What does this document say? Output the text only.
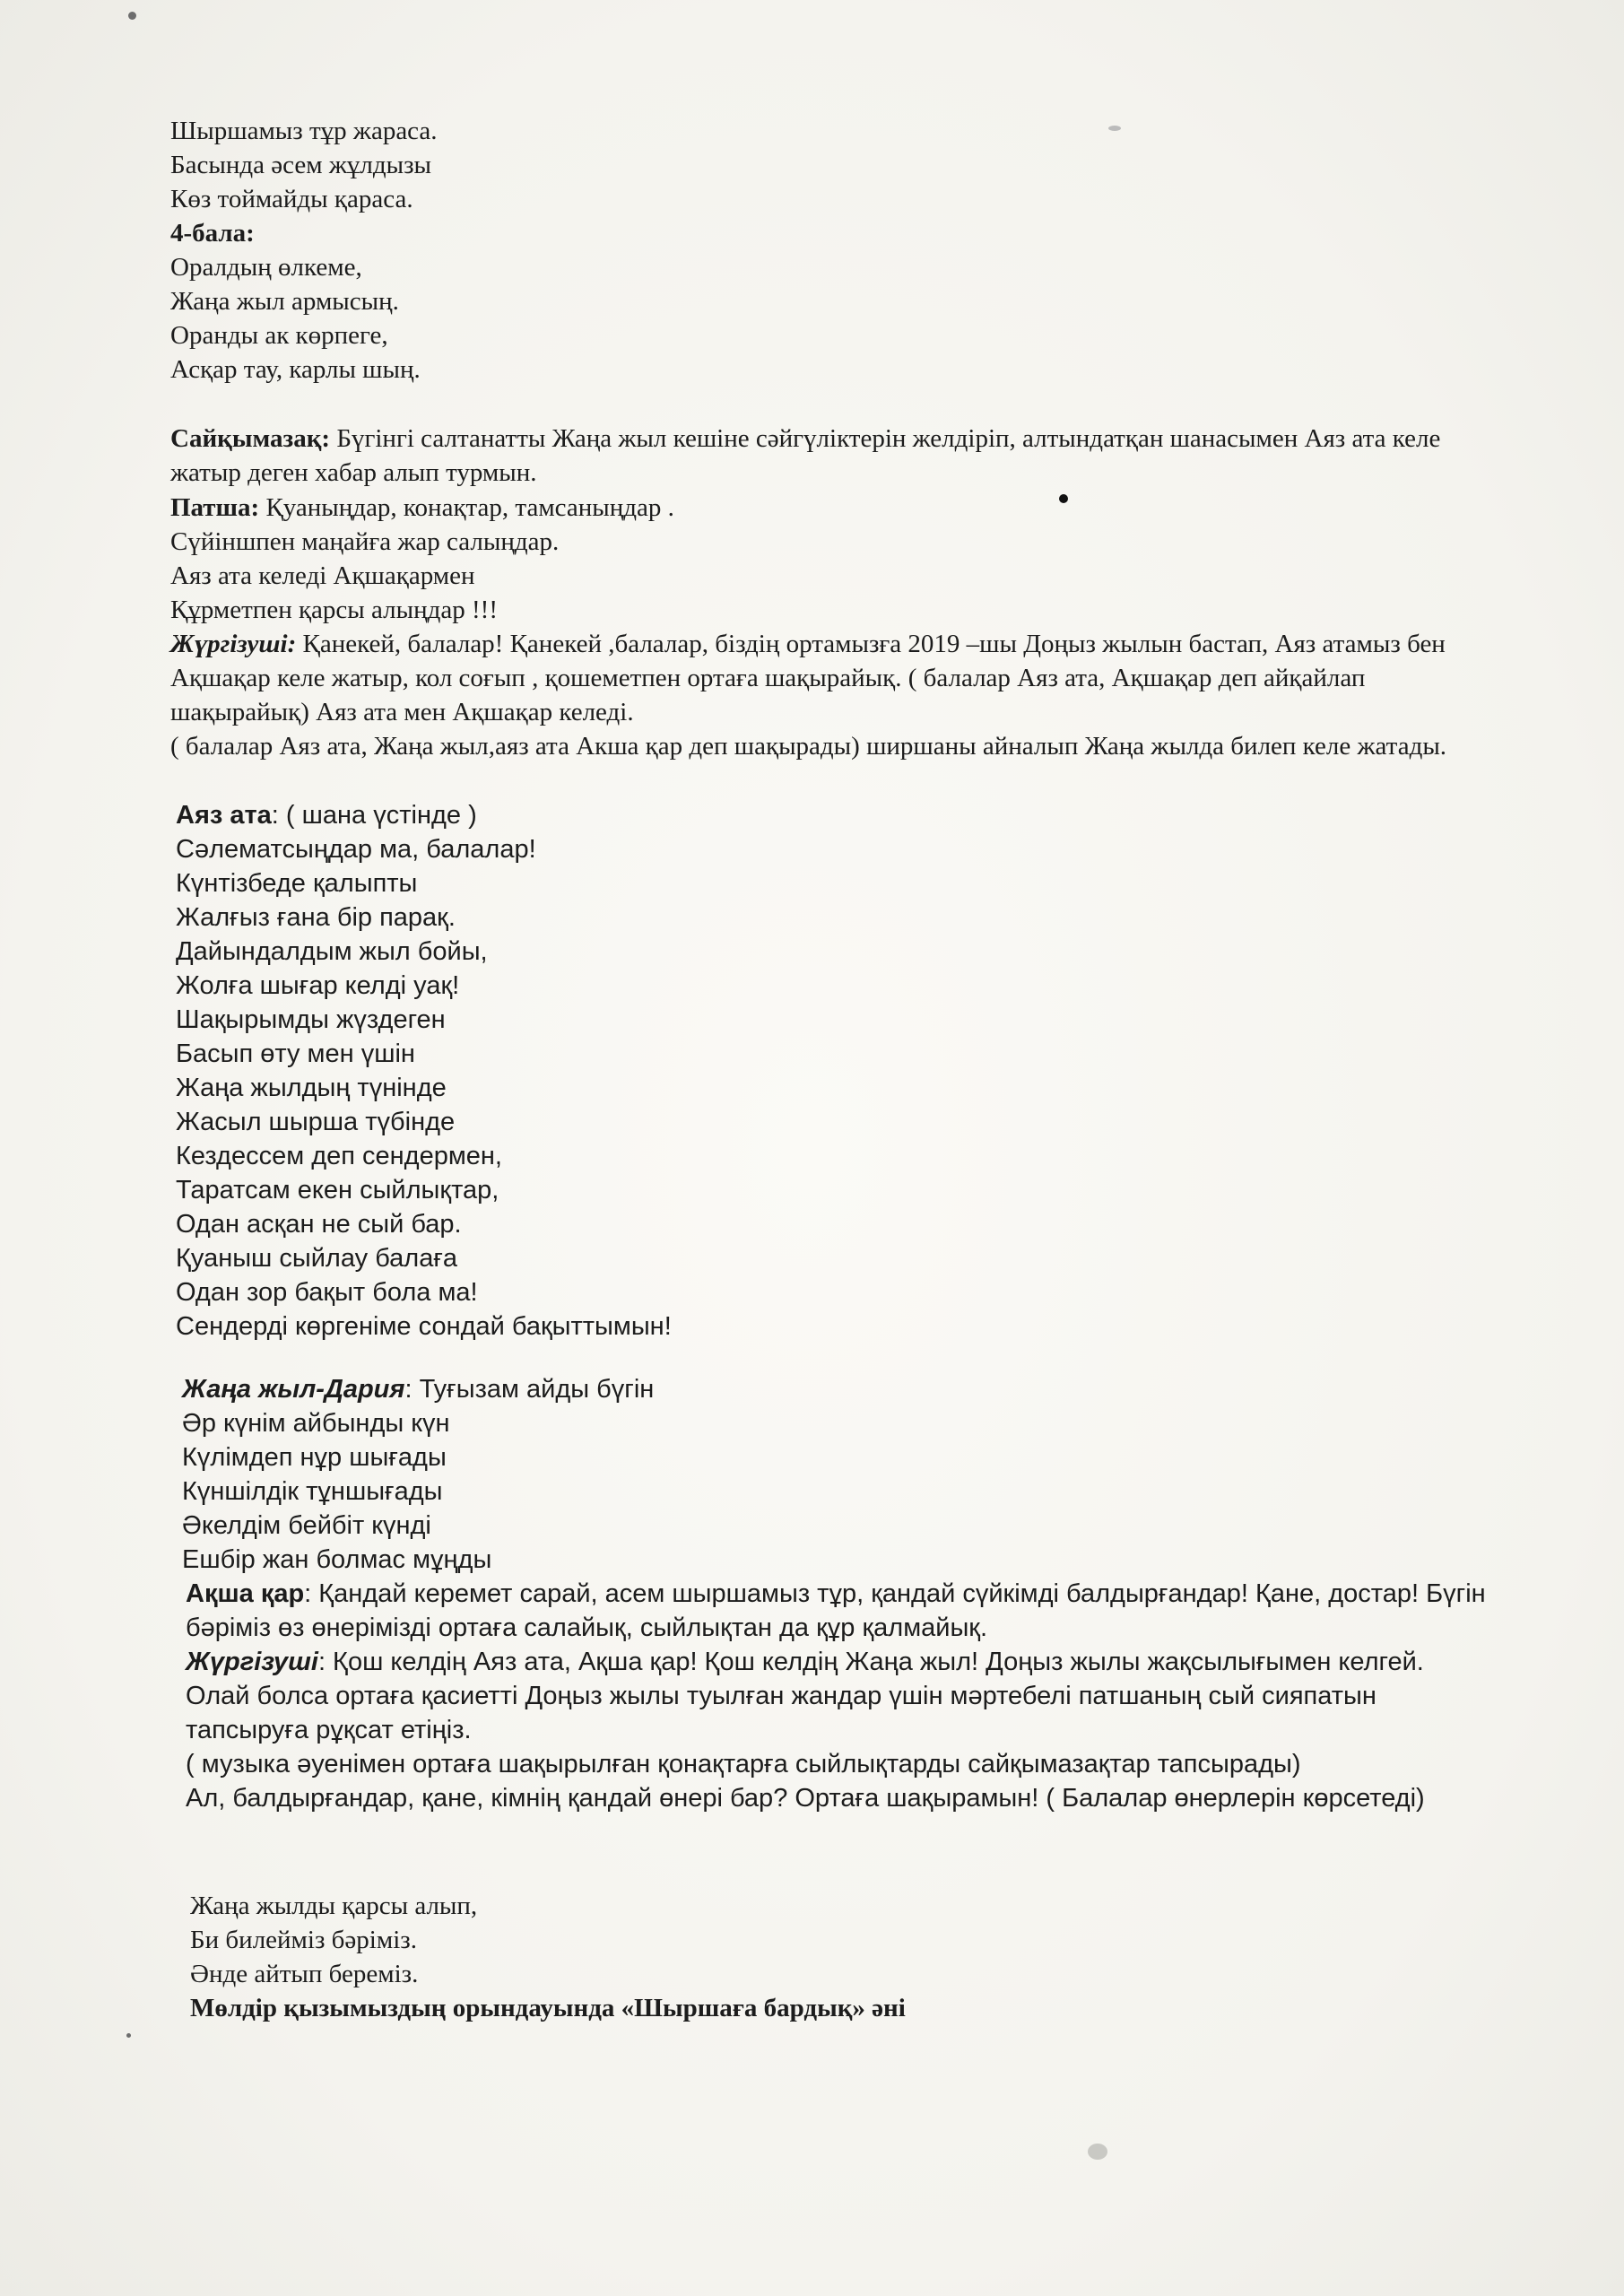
Шыршамыз тұр жараса.
Басында әсем жұлдызы
Көз тоймайды қараса.
4-бала:
Оралдың өлкеме,
Жаңа жыл армысың.
Оранды ак көрпеге,
Асқар тау, карлы шың.
Сайқымазақ: Бүгінгі салтанатты Жаңа жыл кешіне сәйгүліктерін желдіріп, алтындатқан шанасымен Аяз ата келе жатыр деген хабар алып турмын.
Патша: Қуаныңдар, конақтар, тамсаныңдар .
Сүйіншпен маңайға жар салыңдар.
Аяз ата келеді Ақшақармен
Құрметпен қарсы алыңдар !!!
Жүргізуші: Қанекей, балалар! Қанекей ,балалар, біздің ортамызға 2019 –шы Доңыз жылын бастап, Аяз атамыз бен Ақшақар келе жатыр, кол соғып , қошеметпен ортаға шақырайық. ( балалар Аяз ата, Ақшақар деп айқайлап шақырайық) Аяз ата мен Ақшақар келеді.
( балалар Аяз ата, Жаңа жыл,аяз ата Акша қар деп шақырады) ширшаны айналып Жаңа жылда билеп келе жатады.
Аяз ата: ( шана үстінде )
Сәлематсыңдар ма, балалар!
Күнтізбеде қалыпты
Жалғыз ғана бір парақ.
Дайындалдым жыл бойы,
Жолға шығар келді уақ!
Шақырымды жүздеген
Басып өту мен үшін
Жаңа жылдың түнінде
Жасыл шырша түбінде
Кездессем деп сендермен,
Таратсам екен сыйлықтар,
Одан асқан не сый бар.
Қуаныш сыйлау балаға
Одан зор бақыт бола ма!
Сендерді көргеніме сондай бақыттымын!
Жаңа жыл-Дария: Туғызам айды бүгін
Әр күнім айбынды күн
Күлімдеп нұр шығады
Күншілдік тұншығады
Әкелдім бейбіт күнді
Ешбір жан болмас мұңды
Ақша қар: Қандай керемет сарай, асем шыршамыз тұр, қандай сүйкімді балдырғандар! Қане, достар! Бүгін бәріміз өз өнерімізді ортаға салайық, сыйлықтан да құр қалмайық.
Жүргізуші: Қош келдің Аяз ата, Ақша қар! Қош келдің Жаңа жыл! Доңыз жылы жақсылығымен келгей. Олай болса ортаға қасиетті Доңыз жылы туылған жандар үшін мәртебелі патшаның сый сияпатын тапсыруға рұқсат етіңіз.
( музыка әуенімен ортаға шақырылған қонақтарға сыйлықтарды сайқымазақтар тапсырады)
Ал, балдырғандар, қане, кімнің қандай өнері бар? Ортаға шақырамын! ( Балалар өнерлерін көрсетеді)
Жаңа жылды қарсы алып,
Би билейміз бәріміз.
Әнде айтып береміз.
Мөлдір қызымыздың орындауында «Шыршаға бардық» әні
